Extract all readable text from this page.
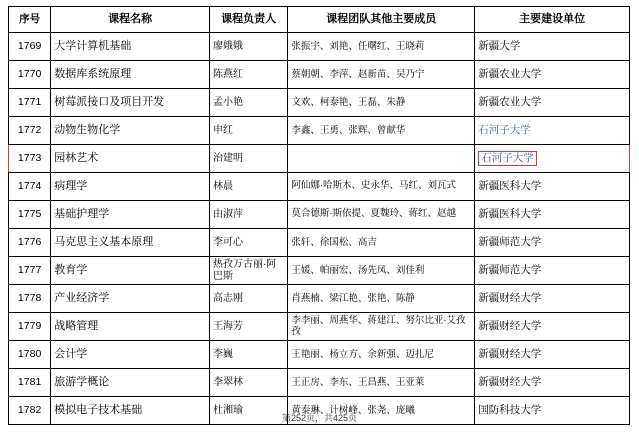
序号	课程名称	课程负责人	课程团队其他主要成员	主要建设单位
1769	大学计算机基础	廖娥娥	张振宇、刘艳、任曙红、王晓莉	新疆大学
1770	数据库系统原理	陈燕红	蔡朝朝、李萍、赵新苗、吴乃宁	新疆农业大学
1771	树莓派接口及项目开发	孟小艳	文欢、柯泰艳、王磊、朱静	新疆农业大学
1772	动物生物化学	申红	李鑫、王勇、张辉、曾献华	石河子大学
1773	园林艺术	治建明		石河子大学
1774	病理学	林晨	阿仙娜·哈斯木、史永华、马红、刘瓦式	新疆医科大学
1775	基础护理学	由淑萍	莫合德斯·斯依提、夏魏玲、蒋红、赵越	新疆医科大学
1776	马克思主义基本原理	李可心	张轩、徐国松、高吉	新疆师范大学
1777	教育学	热孜万古丽·阿巴斯	王媛、帕丽宏、汤先凤、刘佳利	新疆师范大学
1778	产业经济学	高志刚	肖燕楠、梁江艳、张艳、陈静	新疆财经大学
1779	战略管理	王海芳	李李丽、周燕华、蒋建江、努尔比亚·艾孜孜	新疆财经大学
1780	会计学	李巍	王艳丽、杨立方、余新强、迈扎尼	新疆财经大学
1781	旅游学概论	李翠林	王正房、李东、王昌燕、王亚莱	新疆财经大学
1782	模拟电子技术基础	杜湘瑜	黄泰琳、计树峰、张尧、庞曦	国防科技大学
第252页，共425页
